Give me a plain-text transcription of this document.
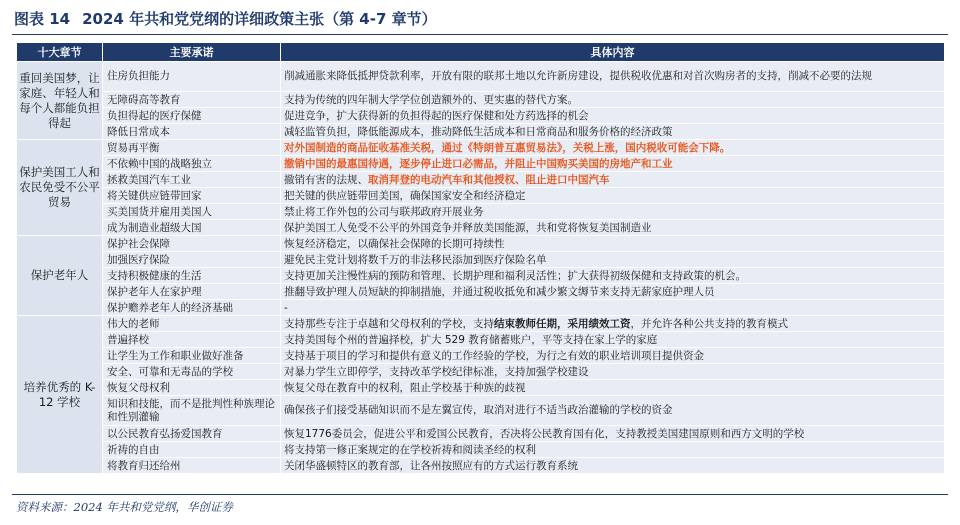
图表 14 2024 年共和党党纲的详细政策主张（第 4-7 章节）
十大章节	主要承诺	具体内容
重回美国梦，让家庭、年轻人和每个人都能负担得起	住房负担能力	削减通胀来降低抵押贷款利率，开放有限的联邦土地以允许新房建设，提供税收优惠和对首次购房者的支持，削减不必要的法规
	无障碍高等教育	支持为传统的四年制大学学位创造额外的、更实惠的替代方案。
	负担得起的医疗保健	促进竞争，扩大获得新的负担得起的医疗保健和处方药选择的机会
	降低日常成本	减轻监管负担，降低能源成本，推动降低生活成本和日常商品和服务价格的经济政策
保护美国工人和农民免受不公平贸易	贸易再平衡	对外国制造的商品征收基准关税，通过《特朗普互惠贸易法》，关税上涨，国内税收可能会下降。
	不依赖中国的战略独立	撤销中国的最惠国待遇，逐步停止进口必需品，并阻止中国购买美国的房地产和工业
	拯救美国汽车工业	撤销有害的法规、取消拜登的电动汽车和其他授权、阻止进口中国汽车
	将关键供应链带回家	把关键的供应链带回美国，确保国家安全和经济稳定
	买美国货并雇用美国人	禁止将工作外包的公司与联邦政府开展业务
	成为制造业超级大国	保护美国工人免受不公平的外国竞争并释放美国能源，共和党将恢复美国制造业
保护老年人	保护社会保障	恢复经济稳定，以确保社会保障的长期可持续性
	加强医疗保险	避免民主党计划将数千万的非法移民添加到医疗保险名单
	支持积极健康的生活	支持更加关注慢性病的预防和管理、长期护理和福利灵活性；扩大获得初级保健和支持政策的机会。
	保护老年人在家护理	推翻导致护理人员短缺的抑制措施，并通过税收抵免和减少繁文缛节来支持无薪家庭护理人员
	保护赡养老年人的经济基础	-
培养优秀的 K-12 学校	伟大的老师	支持那些专注于卓越和父母权利的学校，支持结束教师任期，采用绩效工资，并允许各种公共支持的教育模式
	普遍择校	支持美国每个州的普遍择校，扩大 529 教育储蓄账户，平等支持在家上学的家庭
	让学生为工作和职业做好准备	支持基于项目的学习和提供有意义的工作经验的学校，为行之有效的职业培训项目提供资金
	安全、可靠和无毒品的学校	对暴力学生立即停学，支持改革学校纪律标准，支持加强学校建设
	恢复父母权利	恢复父母在教育中的权利，阻止学校基于种族的歧视
	知识和技能，而不是批判性种族理论和性别灌输	确保孩子们接受基础知识而不是左翼宣传，取消对进行不适当政治灌输的学校的资金
	以公民教育弘扬爱国教育	恢复1776委员会，促进公平和爱国公民教育，否决将公民教育国有化，支持教授美国建国原则和西方文明的学校
	祈祷的自由	将支持第一修正案规定的在学校祈祷和阅读圣经的权利
	将教育归还给州	关闭华盛顿特区的教育部，让各州按照应有的方式运行教育系统
资料来源：2024 年共和党党纲，华创证券
